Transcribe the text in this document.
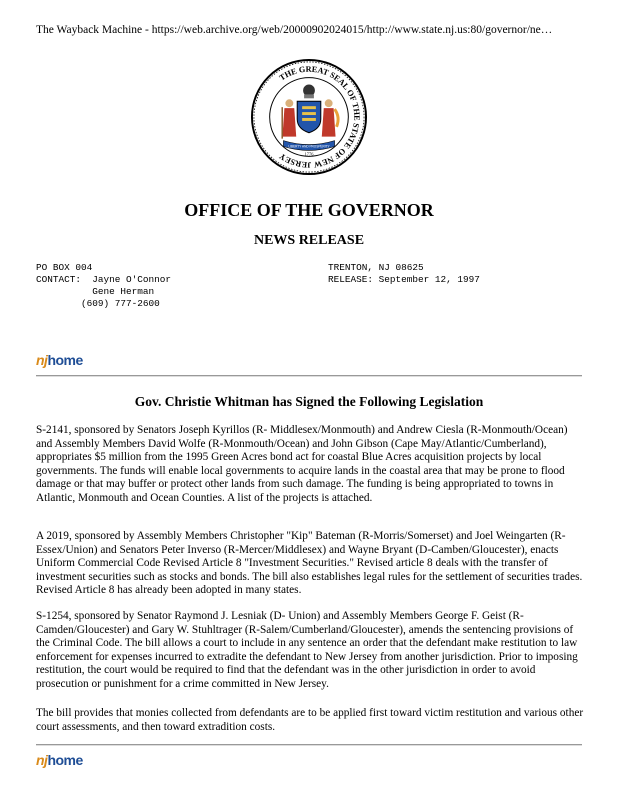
The Wayback Machine - https://web.archive.org/web/20000902024015/http://www.state.nj.us:80/governor/ne…
THE GREAT SEAL OF THE STATE OF NEW JERSEY
LIBERTY AND PROSPERITY
1776
OFFICE OF THE GOVERNOR
NEWS RELEASE
PO BOX 004
CONTACT:  Jayne O'Connor
Gene Herman
(609) 777-2600
TRENTON, NJ 08625
RELEASE: September 12, 1997
njhome
Gov. Christie Whitman has Signed the Following Legislation

S-2141, sponsored by Senators Joseph Kyrillos (R- Middlesex/Monmouth) and Andrew Ciesla (R-Monmouth/Ocean) and Assembly Members David Wolfe (R-Monmouth/Ocean) and John Gibson (Cape May/Atlantic/Cumberland), appropriates $5 million from the 1995 Green Acres bond act for coastal Blue Acres acquisition projects by local governments. The funds will enable local governments to acquire lands in the coastal area that may be prone to flood damage or that may buffer or protect other lands from such damage. The funding is being appropriated to towns in Atlantic, Monmouth and Ocean Counties. A list of the projects is attached.

A 2019, sponsored by Assembly Members Christopher "Kip" Bateman (R-Morris/Somerset) and Joel Weingarten (R- Essex/Union) and Senators Peter Inverso (R-Mercer/Middlesex) and Wayne Bryant (D-Camben/Gloucester), enacts Uniform Commercial Code Revised Article 8 "Investment Securities." Revised article 8 deals with the transfer of investment securities such as stocks and bonds. The bill also establishes legal rules for the settlement of securities trades. Revised Article 8 has already been adopted in many states.

S-1254, sponsored by Senator Raymond J. Lesniak (D- Union) and Assembly Members George F. Geist (R-Camden/Gloucester) and Gary W. Stuhltrager (R-Salem/Cumberland/Gloucester), amends the sentencing provisions of the Criminal Code. The bill allows a court to include in any sentence an order that the defendant make restitution to law enforcement for expenses incurred to extradite the defendant to New Jersey from another jurisdiction. Prior to imposing restitution, the court would be required to find that the defendant was in the other jurisdiction in order to avoid prosecution or punishment for a crime committed in New Jersey.

The bill provides that monies collected from defendants are to be applied first toward victim restitution and various other court assessments, and then toward extradition costs.

njhome
